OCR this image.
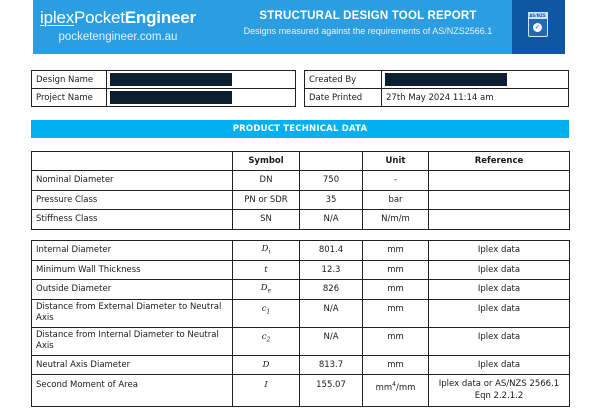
iplexPocketEngineer
pocketengineer.com.au
STRUCTURAL DESIGN TOOL REPORT
Designs measured against the requirements of AS/NZS2566.1
AS/NZS
✓
Design Name	
Project Name	
Created By	
Date Printed	27th May 2024 11:14 am
PRODUCT TECHNICAL DATA
	Symbol		Unit	Reference
Nominal Diameter	DN	750	-	
Pressure Class	PN or SDR	35	bar	
Stiffness Class	SN	N/A	N/m/m	
Internal Diameter	$D_i$	801.4	mm	Iplex data
Minimum Wall Thickness	t	12.3	mm	Iplex data
Outside Diameter	$D_e$	826	mm	Iplex data
Distance from External Diameter to Neutral Axis	$c_1$	N/A	mm	Iplex data
Distance from Internal Diameter to Neutral Axis	$c_2$	N/A	mm	Iplex data
Neutral Axis Diameter	D	813.7	mm	Iplex data
Second Moment of Area	I	155.07	$mm^4/mm$	Iplex data or AS/NZS 2566.1 Eqn 2.2.1.2
